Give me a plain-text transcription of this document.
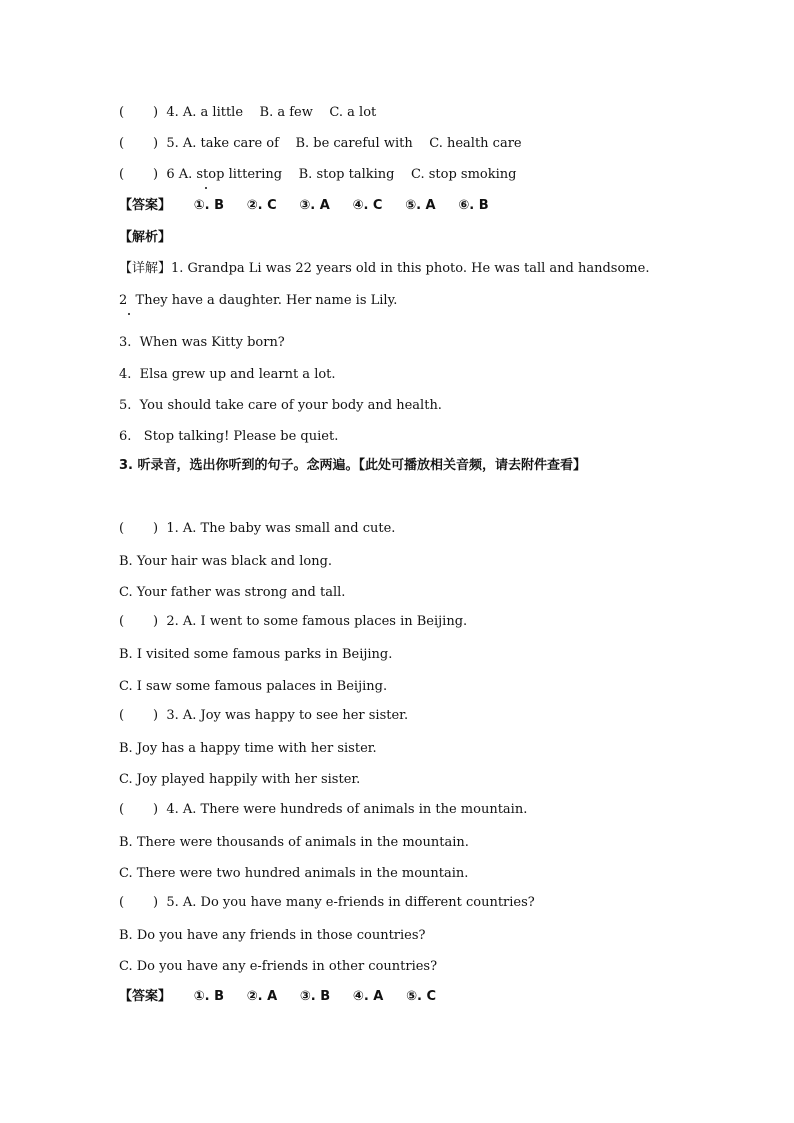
(       )  4. A. a little    B. a few    C. a lot
(       )  5. A. take care of    B. be careful with    C. health care
(       )  6 A. stop littering    B. stop talking    C. stop smoking
【答案】     ①. B     ②. C     ③. A     ④. C     ⑤. A     ⑥. B
【解析】
【详解】1. Grandpa Li was 22 years old in this photo. He was tall and handsome.
2  They have a daughter. Her name is Lily.
3.  When was Kitty born?
4.  Elsa grew up and learnt a lot.
5.  You should take care of your body and health.
6.   Stop talking! Please be quiet.
3. 听录音，选出你听到的句子。念两遍。【此处可播放相关音频，请去附件查看】
(       )  1. A. The baby was small and cute.
B. Your hair was black and long.
C. Your father was strong and tall.
(       )  2. A. I went to some famous places in Beijing.
B. I visited some famous parks in Beijing.
C. I saw some famous palaces in Beijing.
(       )  3. A. Joy was happy to see her sister.
B. Joy has a happy time with her sister.
C. Joy played happily with her sister.
(       )  4. A. There were hundreds of animals in the mountain.
B. There were thousands of animals in the mountain.
C. There were two hundred animals in the mountain.
(       )  5. A. Do you have many e-friends in different countries?
B. Do you have any friends in those countries?
C. Do you have any e-friends in other countries?
【答案】     ①. B     ②. A     ③. B     ④. A     ⑤. C
